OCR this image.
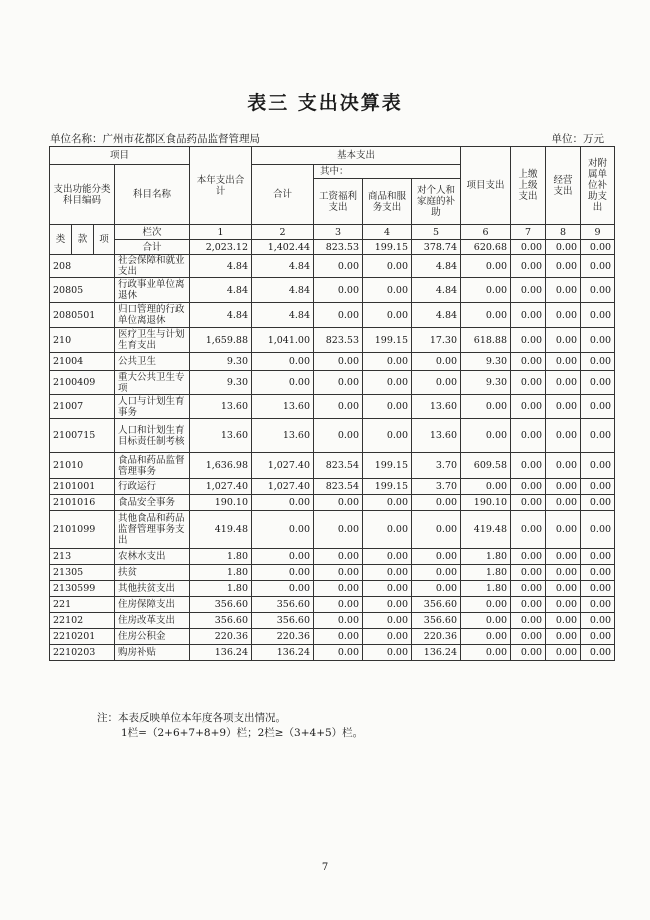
表三 支出决算表
单位名称：广州市花都区食品药品监督管理局	单位：万元
项目				本年支出合计	基本支出				项目支出	上缴上级支出	经营支出	对附属单位补助支出
支出功能分类科目编码			科目名称		合计	其中：						
						工资福利支出	商品和服务支出	对个人和家庭的补助				
类	款	项	栏次	1	2	3	4	5	6	7	8	9
			合计	2,023.12	1,402.44	823.53	199.15	378.74	620.68	0.00	0.00	0.00
208			社会保障和就业支出	4.84	4.84	0.00	0.00	4.84	0.00	0.00	0.00	0.00
20805			行政事业单位离退休	4.84	4.84	0.00	0.00	4.84	0.00	0.00	0.00	0.00
2080501			归口管理的行政单位离退休	4.84	4.84	0.00	0.00	4.84	0.00	0.00	0.00	0.00
210			医疗卫生与计划生育支出	1,659.88	1,041.00	823.53	199.15	17.30	618.88	0.00	0.00	0.00
21004			公共卫生	9.30	0.00	0.00	0.00	0.00	9.30	0.00	0.00	0.00
2100409			重大公共卫生专项	9.30	0.00	0.00	0.00	0.00	9.30	0.00	0.00	0.00
21007			人口与计划生育事务	13.60	13.60	0.00	0.00	13.60	0.00	0.00	0.00	0.00
2100715			人口和计划生育目标责任制考核	13.60	13.60	0.00	0.00	13.60	0.00	0.00	0.00	0.00
21010			食品和药品监督管理事务	1,636.98	1,027.40	823.54	199.15	3.70	609.58	0.00	0.00	0.00
2101001			行政运行	1,027.40	1,027.40	823.54	199.15	3.70	0.00	0.00	0.00	0.00
2101016			食品安全事务	190.10	0.00	0.00	0.00	0.00	190.10	0.00	0.00	0.00
2101099			其他食品和药品监督管理事务支出	419.48	0.00	0.00	0.00	0.00	419.48	0.00	0.00	0.00
213			农林水支出	1.80	0.00	0.00	0.00	0.00	1.80	0.00	0.00	0.00
21305			扶贫	1.80	0.00	0.00	0.00	0.00	1.80	0.00	0.00	0.00
2130599			其他扶贫支出	1.80	0.00	0.00	0.00	0.00	1.80	0.00	0.00	0.00
221			住房保障支出	356.60	356.60	0.00	0.00	356.60	0.00	0.00	0.00	0.00
22102			住房改革支出	356.60	356.60	0.00	0.00	356.60	0.00	0.00	0.00	0.00
2210201			住房公积金	220.36	220.36	0.00	0.00	220.36	0.00	0.00	0.00	0.00
2210203			购房补贴	136.24	136.24	0.00	0.00	136.24	0.00	0.00	0.00	0.00
注：本表反映单位本年度各项支出情况。
1栏=（2+6+7+8+9）栏；2栏≥（3+4+5）栏。
7
